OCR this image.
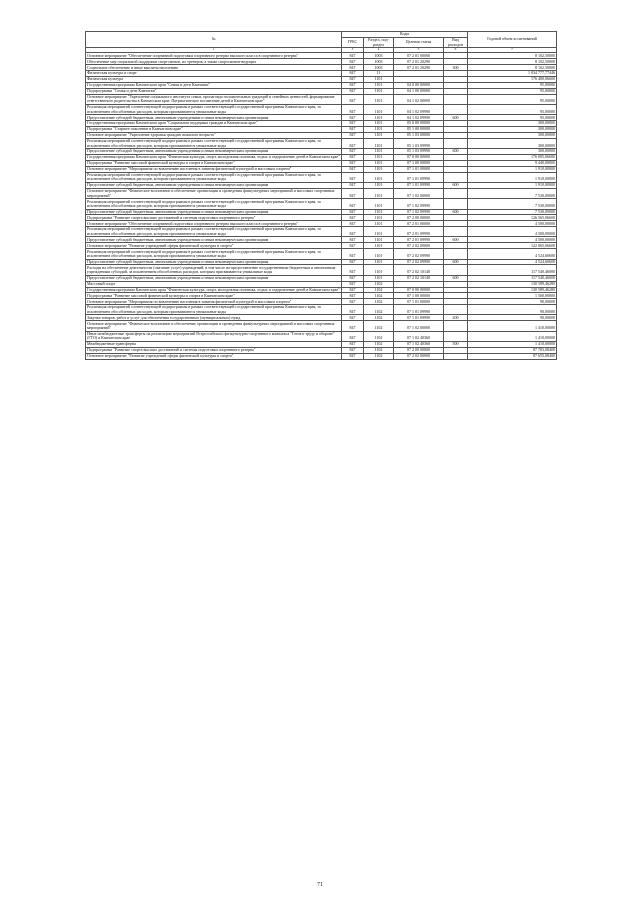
№	Коды				Годовой объем ассигнований
	ГРБС	Раздел, под-раздел	Целевая статья	Вид расходов	
1	3	4	5	6	7
Основное мероприятие "Обеспечение спортивной подготовки спортивного резерва высокого класса в спортивного резерва"	847	1003	07 2 01 00000		8 102,50000
Обеспечение мер социальной поддержки спортсменов, их тренеров, а также спортсменов-ведущих	847	1003	07 2 01 20290		8 102,50000
Социальное обеспечение и иные выплаты населению	847	1003	07 2 01 20290	300	8 102,50000
Физическая культура и спорт	847	11			1 034 777,77446
Физическая культура	847	1101			176 400,06600
Государственная программа Камчатского края "Семья и дети Камчатки"	847	1101	04 0 00 00000		95,00000
Подпрограмма "Семья и дети Камчатки"	847	1101	04 1 00 00000		95,00000
Основное мероприятие "Укрепление социального института семьи, пропаганда положительных традиций и семейных ценностей, формирование ответственного родительства в Камчатском крае. Патриотическое воспитание детей в Камчатском крае"	847	1101	04 1 02 00000		95,00000
Реализация мероприятий соответствующей подпрограммы в рамках соответствующей государственной программы Камчатского края, за исключением обособленных расходов, которым присваиваются уникальные коды	847	1101	04 1 02 09990		95,00000
Предоставление субсидий бюджетным, автономным учреждениям и иным некоммерческим организациям	847	1101	04 1 02 09990	600	95,00000
Государственная программа Камчатского края "Социальная поддержка граждан в Камчатском крае"	847	1101	05 0 00 00000		300,00000
Подпрограмма "Старшее поколение в Камчатском крае"	847	1101	05 1 00 00000		300,00000
Основное мероприятие "Укрепление здоровья граждан пожилого возраста"	847	1101	05 1 03 00000		300,00000
Реализация мероприятий соответствующей подпрограммы в рамках соответствующей государственной программы Камчатского края, за исключением обособленных расходов, которым присваиваются уникальные коды	847	1101	05 1 03 09990		300,00000
Предоставление субсидий бюджетным, автономным учреждениям и иным некоммерческим организациям	847	1101	05 1 03 09990	600	300,00000
Государственная программа Камчатского края "Физическая культура, спорт, молодежная политика, отдых и оздоровление детей в Камчатском крае"	847	1101	07 0 00 00000		176 005,06600
Подпрограмма "Развитие массовой физической культуры и спорта в Камчатском крае"	847	1101	07 1 00 00000		9 440,00000
Основное мероприятие "Мероприятия по вовлечению населения в занятия физической культурой и массовым спортом"	847	1101	07 1 01 00000		1 910,00000
Реализация мероприятий соответствующей подпрограммы в рамках соответствующей государственной программы Камчатского края, за исключением обособленных расходов, которым присваиваются уникальные коды	847	1101	07 1 01 09990		1 910,00000
Предоставление субсидий бюджетным, автономным учреждениям и иным некоммерческим организациям	847	1101	07 1 01 09990	600	1 910,00000
Основное мероприятие "Физическое воспитание и обеспечение организации и проведения физкультурных мероприятий и массовых спортивных мероприятий"	847	1101	07 1 02 00000		7 530,00000
Реализация мероприятий соответствующей подпрограммы в рамках соответствующей государственной программы Камчатского края, за исключением обособленных расходов, которым присваиваются уникальные коды	847	1101	07 1 02 09990		7 530,00000
Предоставление субсидий бюджетным, автономным учреждениям и иным некоммерческим организациям	847	1101	07 1 02 09990	600	7 530,00000
Подпрограмма "Развитие спорта высших достижений и системы подготовки спортивного резерва"	847	1101	07 2 00 00000		126 565,06600
Основное мероприятие "Обеспечение спортивной подготовки спортивного резерва высокого класса в спортивного резерва"	847	1101	07 2 01 00000		4 500,00000
Реализация мероприятий соответствующей подпрограммы в рамках соответствующей государственной программы Камчатского края, за исключением обособленных расходов, которым присваиваются уникальные коды	847	1101	07 2 01 09990		4 500,00000
Предоставление субсидий бюджетным, автономным учреждениям и иным некоммерческим организациям	847	1101	07 2 01 09990	600	4 500,00000
Основное мероприятие "Развитие учреждений сферы физической культуры и спорта"	847	1101	07 2 02 00000		122 065,06600
Реализация мероприятий соответствующей подпрограммы в рамках соответствующей государственной программы Камчатского края, за исключением обособленных расходов, которым присваиваются уникальные коды	847	1101	07 2 02 09990		4 524,60600
Предоставление субсидий бюджетным, автономным учреждениям и иным некоммерческим организациям	847	1101	07 2 02 09990	600	4 524,60600
Расходы на обеспечение деятельности (оказание услуг) учреждений, в том числе на предоставление государственным бюджетным и автономным учреждениям субсидий, за исключением обособленных расходов, которым присваиваются уникальные коды	847	1101	07 2 02 10140		117 540,46000
Предоставление субсидий бюджетным, автономным учреждениям и иным некоммерческим организациям	847	1101	07 2 02 10140	600	117 540,46000
Массовый спорт	847	1102			130 589,46280
Государственная программа Камчатского края "Физическая культура, спорт, молодежная политика, отдых и оздоровление детей в Камчатском крае"	847	1102	07 0 00 00000		130 589,46280
Подпрограмма "Развитие массовой физической культуры и спорта в Камчатском крае"	847	1102	07 1 00 00000		1 500,00000
Основное мероприятие "Мероприятия по вовлечению населения в занятия физической культурой и массовым спортом"	847	1102	07 1 01 00000		90,00000
Реализация мероприятий соответствующей подпрограммы в рамках соответствующей государственной программы Камчатского края, за исключением обособленных расходов, которым присваиваются уникальные коды	847	1102	07 1 01 09990		90,00000
Закупка товаров, работ и услуг для обеспечения государственных (муниципальных) нужд	847	1102	07 1 01 09990	200	90,00000
Основное мероприятие "Физическое воспитание и обеспечение организации и проведения физкультурных мероприятий и массовых спортивных мероприятий"	847	1102	07 1 02 00000		1 410,00000
Иные межбюджетные трансферты на реализацию мероприятий Всероссийского физкультурно-спортивного комплекса "Готов к труду и обороне" (ГТО) в Камчатском крае	847	1102	07 1 02 40360		1 410,00000
Межбюджетные трансферты	847	1102	07 1 02 40360	500	1 410,00000
Подпрограмма "Развитие спорта высших достижений и системы подготовки спортивного резерва"	847	1102	07 2 00 00000		87 783,08400
Основное мероприятие "Развитие учреждений сферы физической культуры и спорта"	847	1102	07 2 02 00000		87 655,08400
71
